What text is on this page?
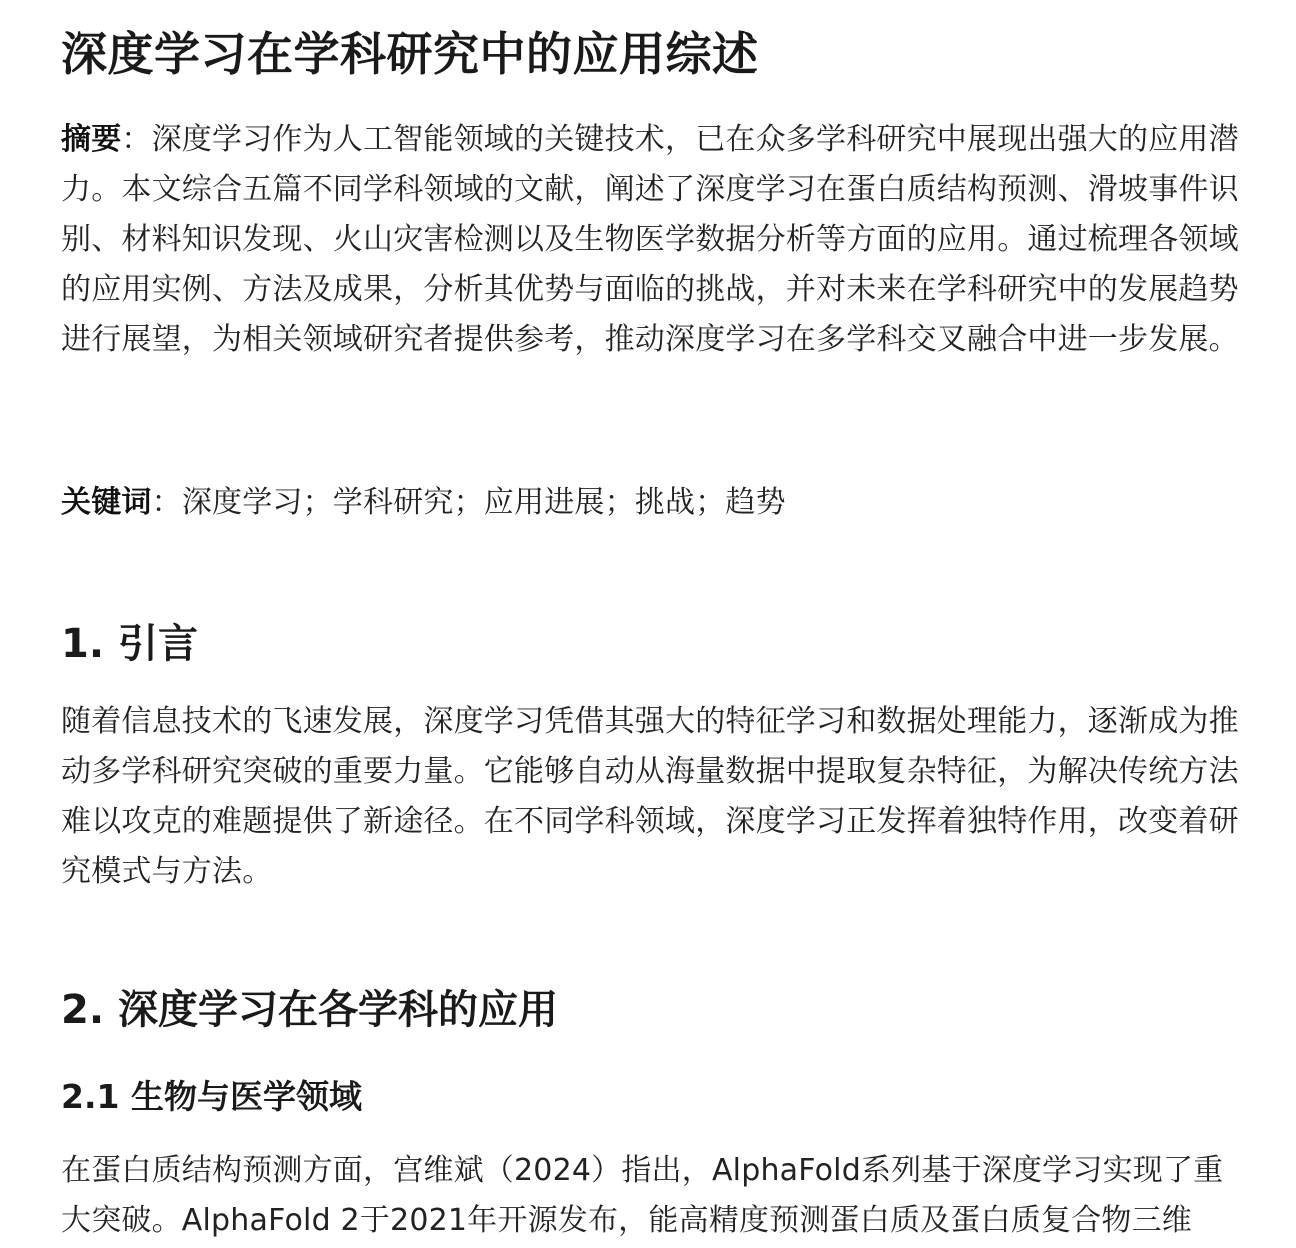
深度学习在学科研究中的应用综述

摘要：深度学习作为人工智能领域的关键技术，已在众多学科研究中展现出强大的应用潜力。本文综合五篇不同学科领域的文献，阐述了深度学习在蛋白质结构预测、滑坡事件识别、材料知识发现、火山灾害检测以及生物医学数据分析等方面的应用。通过梳理各领域的应用实例、方法及成果，分析其优势与面临的挑战，并对未来在学科研究中的发展趋势进行展望，为相关领域研究者提供参考，推动深度学习在多学科交叉融合中进一步发展。

关键词：深度学习；学科研究；应用进展；挑战；趋势

1. 引言

随着信息技术的飞速发展，深度学习凭借其强大的特征学习和数据处理能力，逐渐成为推动多学科研究突破的重要力量。它能够自动从海量数据中提取复杂特征，为解决传统方法难以攻克的难题提供了新途径。在不同学科领域，深度学习正发挥着独特作用，改变着研究模式与方法。

2. 深度学习在各学科的应用
2.1 生物与医学领域

在蛋白质结构预测方面，宫维斌（2024）指出，AlphaFold系列基于深度学习实现了重大突破。AlphaFold 2于2021年开源发布，能高精度预测蛋白质及蛋白质复合物三维
